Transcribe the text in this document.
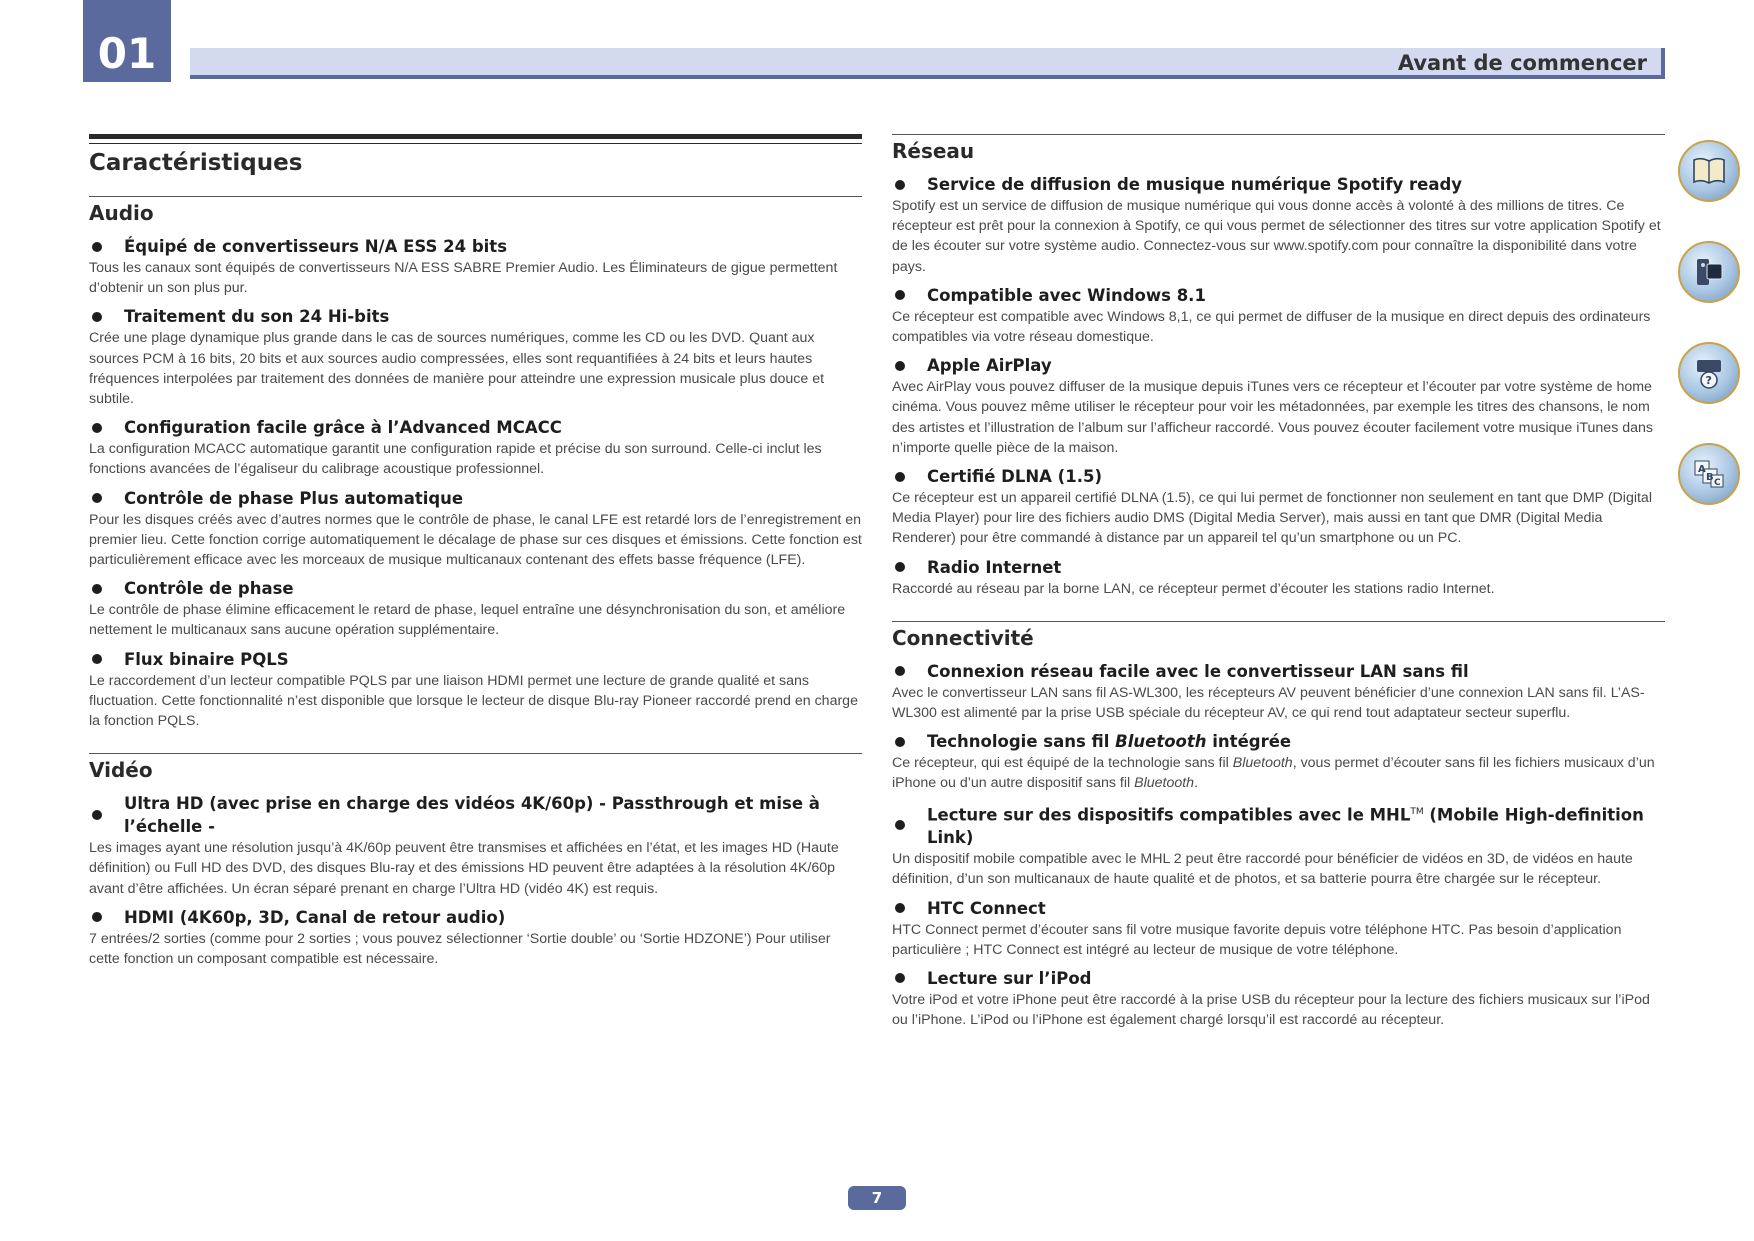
01	Avant de commencer
Caractéristiques
Audio
Équipé de convertisseurs N/A ESS 24 bits

Tous les canaux sont équipés de convertisseurs N/A ESS SABRE Premier Audio. Les Éliminateurs de gigue permettent d’obtenir un son plus pur.

Traitement du son 24 Hi-bits

Crée une plage dynamique plus grande dans le cas de sources numériques, comme les CD ou les DVD. Quant aux sources PCM à 16 bits, 20 bits et aux sources audio compressées, elles sont requantifiées à 24 bits et leurs hautes fréquences interpolées par traitement des données de manière pour atteindre une expression musicale plus douce et subtile.

Configuration facile grâce à l’Advanced MCACC

La configuration MCACC automatique garantit une configuration rapide et précise du son surround. Celle-ci inclut les fonctions avancées de l’égaliseur du calibrage acoustique professionnel.

Contrôle de phase Plus automatique

Pour les disques créés avec d’autres normes que le contrôle de phase, le canal LFE est retardé lors de l’enregistrement en premier lieu. Cette fonction corrige automatiquement le décalage de phase sur ces disques et émissions. Cette fonction est particulièrement efficace avec les morceaux de musique multicanaux contenant des effets basse fréquence (LFE).

Contrôle de phase

Le contrôle de phase élimine efficacement le retard de phase, lequel entraîne une désynchronisation du son, et améliore nettement le multicanaux sans aucune opération supplémentaire.

Flux binaire PQLS

Le raccordement d’un lecteur compatible PQLS par une liaison HDMI permet une lecture de grande qualité et sans fluctuation. Cette fonctionnalité n’est disponible que lorsque le lecteur de disque Blu-ray Pioneer raccordé prend en charge la fonction PQLS.

Vidéo
Ultra HD (avec prise en charge des vidéos 4K/60p) - Passthrough et mise à l’échelle -

Les images ayant une résolution jusqu’à 4K/60p peuvent être transmises et affichées en l’état, et les images HD (Haute définition) ou Full HD des DVD, des disques Blu-ray et des émissions HD peuvent être adaptées à la résolution 4K/60p avant d’être affichées. Un écran séparé prenant en charge l’Ultra HD (vidéo 4K) est requis.

HDMI (4K60p, 3D, Canal de retour audio)

7 entrées/2 sorties (comme pour 2 sorties ; vous pouvez sélectionner ‘Sortie double’ ou ‘Sortie HDZONE’) Pour utiliser cette fonction un composant compatible est nécessaire.

Réseau
Service de diffusion de musique numérique Spotify ready

Spotify est un service de diffusion de musique numérique qui vous donne accès à volonté à des millions de titres. Ce récepteur est prêt pour la connexion à Spotify, ce qui vous permet de sélectionner des titres sur votre application Spotify et de les écouter sur votre système audio. Connectez-vous sur www.spotify.com pour connaître la disponibilité dans votre pays.

Compatible avec Windows 8.1

Ce récepteur est compatible avec Windows 8,1, ce qui permet de diffuser de la musique en direct depuis des ordinateurs compatibles via votre réseau domestique.

Apple AirPlay

Avec AirPlay vous pouvez diffuser de la musique depuis iTunes vers ce récepteur et l’écouter par votre système de home cinéma. Vous pouvez même utiliser le récepteur pour voir les métadonnées, par exemple les titres des chansons, le nom des artistes et l’illustration de l’album sur l’afficheur raccordé. Vous pouvez écouter facilement votre musique iTunes dans n’importe quelle pièce de la maison.

Certifié DLNA (1.5)

Ce récepteur est un appareil certifié DLNA (1.5), ce qui lui permet de fonctionner non seulement en tant que DMP (Digital Media Player) pour lire des fichiers audio DMS (Digital Media Server), mais aussi en tant que DMR (Digital Media Renderer) pour être commandé à distance par un appareil tel qu’un smartphone ou un PC.

Radio Internet

Raccordé au réseau par la borne LAN, ce récepteur permet d’écouter les stations radio Internet.

Connectivité
Connexion réseau facile avec le convertisseur LAN sans fil

Avec le convertisseur LAN sans fil AS-WL300, les récepteurs AV peuvent bénéficier d’une connexion LAN sans fil. L’AS-WL300 est alimenté par la prise USB spéciale du récepteur AV, ce qui rend tout adaptateur secteur superflu.

Technologie sans fil Bluetooth intégrée

Ce récepteur, qui est équipé de la technologie sans fil Bluetooth, vous permet d’écouter sans fil les fichiers musicaux d’un iPhone ou d’un autre dispositif sans fil Bluetooth.

Lecture sur des dispositifs compatibles avec le MHL™ (Mobile High-definition Link)

Un dispositif mobile compatible avec le MHL 2 peut être raccordé pour bénéficier de vidéos en 3D, de vidéos en haute définition, d’un son multicanaux de haute qualité et de photos, et sa batterie pourra être chargée sur le récepteur.

HTC Connect

HTC Connect permet d’écouter sans fil votre musique favorite depuis votre téléphone HTC. Pas besoin d’application particulière ; HTC Connect est intégré au lecteur de musique de votre téléphone.

Lecture sur l’iPod

Votre iPod et votre iPhone peut être raccordé à la prise USB du récepteur pour la lecture des fichiers musicaux sur l’iPod ou l’iPhone. L’iPod ou l’iPhone est également chargé lorsqu’il est raccordé au récepteur.

?
A
B C
7
